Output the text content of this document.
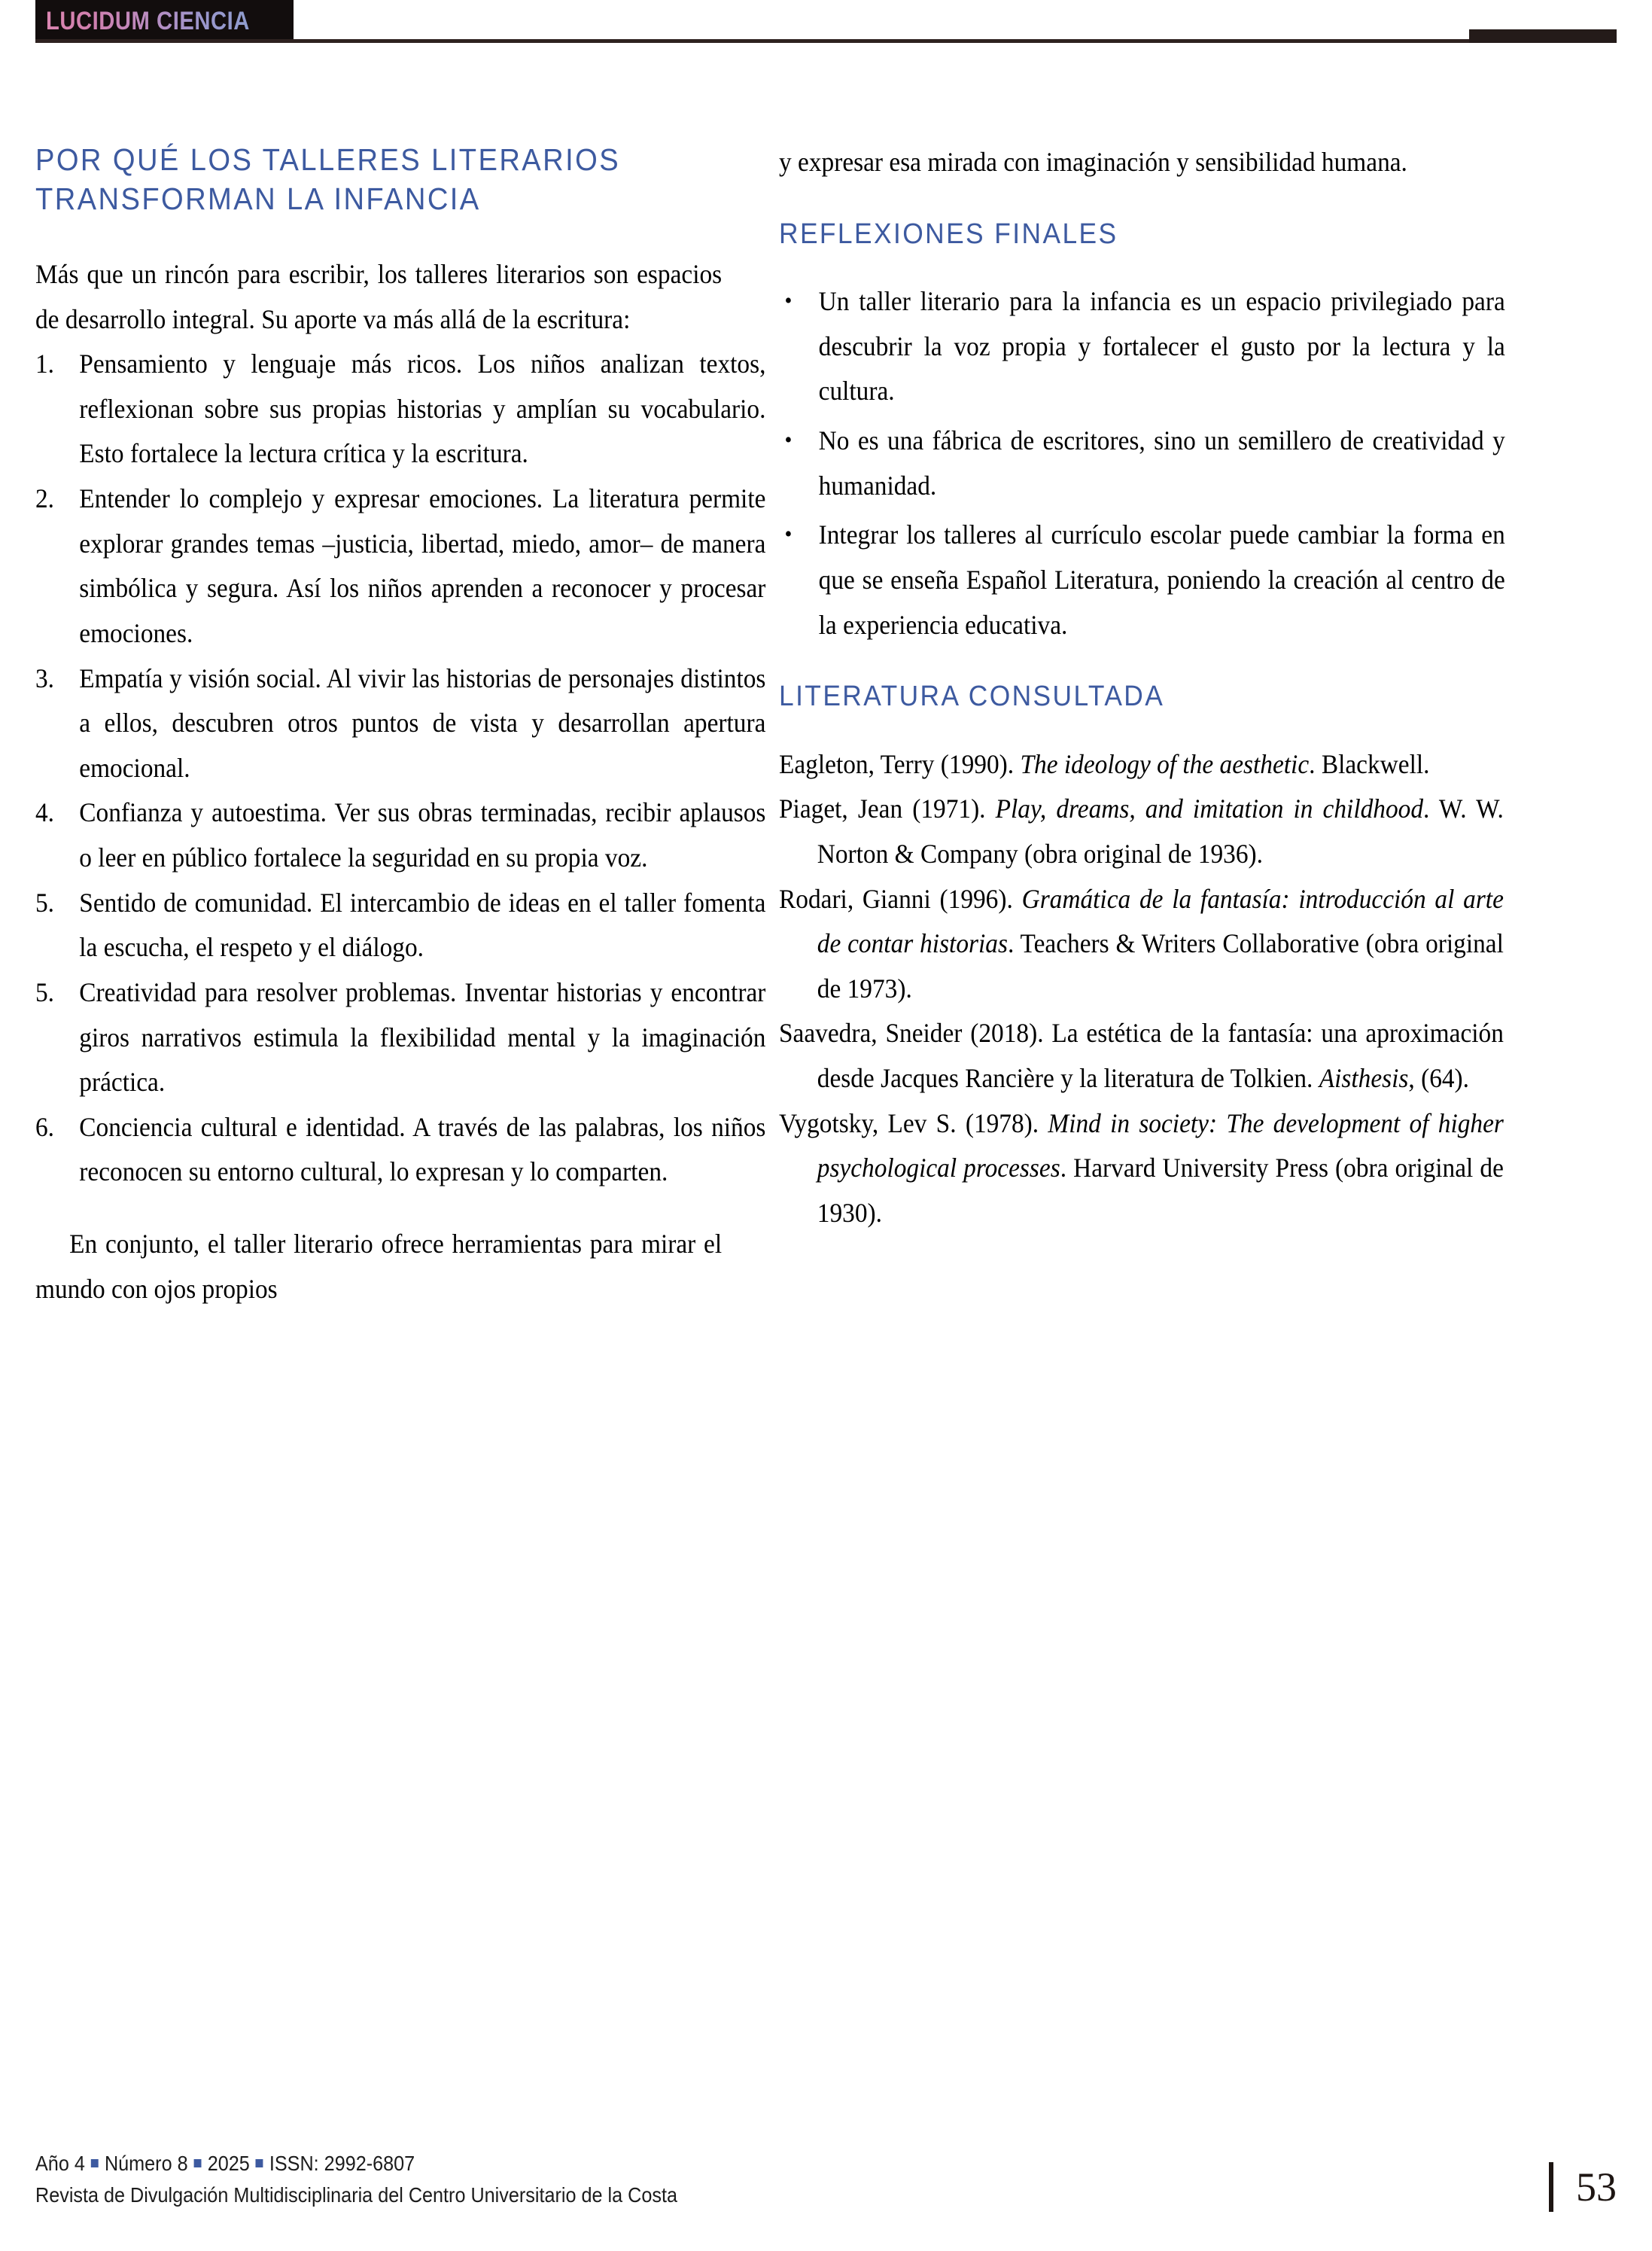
LUCIDUM CIENCIA
POR QUÉ LOS TALLERES LITERARIOS TRANSFORMAN LA INFANCIA

Más que un rincón para escribir, los talleres literarios son espacios de desarrollo integral. Su aporte va más allá de la escritura:

1. Pensamiento y lenguaje más ricos. Los niños analizan textos, reflexionan sobre sus propias historias y amplían su vocabulario. Esto fortalece la lectura crítica y la escritura.
2. Entender lo complejo y expresar emociones. La literatura permite explorar grandes temas –justicia, libertad, miedo, amor– de manera simbólica y segura. Así los niños aprenden a reconocer y procesar emociones.
3. Empatía y visión social. Al vivir las historias de personajes distintos a ellos, descubren otros puntos de vista y desarrollan apertura emocional.
4. Confianza y autoestima. Ver sus obras terminadas, recibir aplausos o leer en público fortalece la seguridad en su propia voz.
5. Sentido de comunidad. El intercambio de ideas en el taller fomenta la escucha, el respeto y el diálogo.
5. Creatividad para resolver problemas. Inventar historias y encontrar giros narrativos estimula la flexibilidad mental y la imaginación práctica.
6. Conciencia cultural e identidad. A través de las palabras, los niños reconocen su entorno cultural, lo expresan y lo comparten.

En conjunto, el taller literario ofrece herramientas para mirar el mundo con ojos propios

y expresar esa mirada con imaginación y sensibilidad humana.

REFLEXIONES FINALES
• Un taller literario para la infancia es un espacio privilegiado para descubrir la voz propia y fortalecer el gusto por la lectura y la cultura.
• No es una fábrica de escritores, sino un semillero de creatividad y humanidad.
• Integrar los talleres al currículo escolar puede cambiar la forma en que se enseña Español Literatura, poniendo la creación al centro de la experiencia educativa.
LITERATURA CONSULTADA
Eagleton, Terry (1990). The ideology of the aesthetic. Blackwell.
Piaget, Jean (1971). Play, dreams, and imitation in childhood. W. W. Norton & Company (obra original de 1936).
Rodari, Gianni (1996). Gramática de la fantasía: introducción al arte de contar historias. Teachers & Writers Collaborative (obra original de 1973).
Saavedra, Sneider (2018). La estética de la fantasía: una aproximación desde Jacques Rancière y la literatura de Tolkien. Aisthesis, (64).
Vygotsky, Lev S. (1978). Mind in society: The development of higher psychological processes. Harvard University Press (obra original de 1930).
Año 4 Número 8 2025 ISSN: 2992-6807
Revista de Divulgación Multidisciplinaria del Centro Universitario de la Costa	53
